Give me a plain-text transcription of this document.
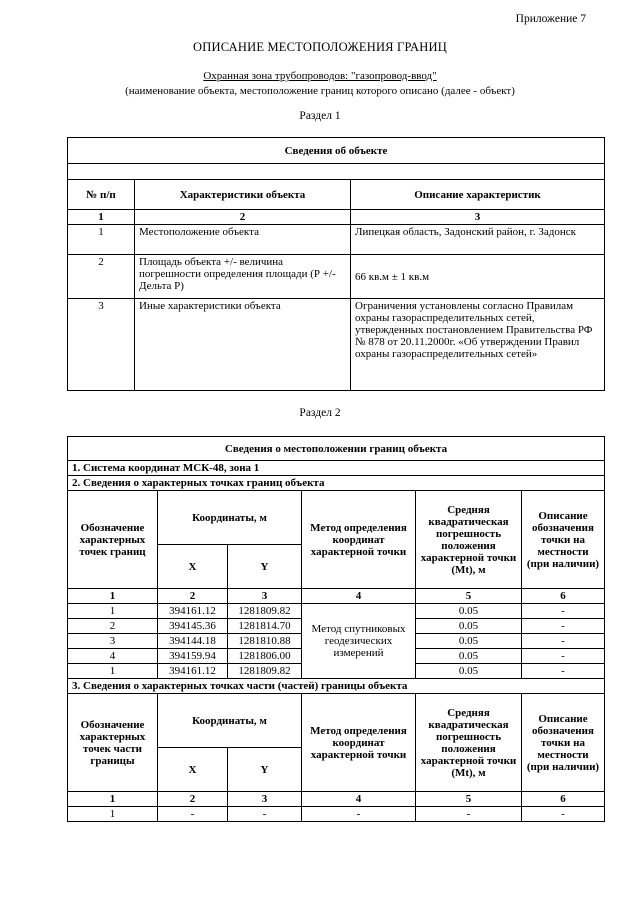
Приложение 7
ОПИСАНИЕ МЕСТОПОЛОЖЕНИЯ ГРАНИЦ
Охранная зона трубопроводов: "газопровод-ввод"
(наименование объекта, местоположение границ которого описано (далее - объект)
Раздел 1
Сведения об объекте		

№ п/п	Характеристики объекта	Описание характеристик
1	2	3
1	Местоположение объекта	Липецкая область, Задонский район, г. Задонск
2	Площадь объекта +/- величина погрешности определения площади (Р +/- Дельта Р)	66 кв.м ± 1 кв.м
3	Иные характеристики объекта	Ограничения установлены согласно Правилам охраны газораспределительных сетей, утвержденных постановлением Правительства РФ № 878 от 20.11.2000г. «Об утверждении Правил охраны газораспределительных сетей»
Раздел 2
Сведения о местоположении границ объекта					
1. Система координат МСК-48, зона 1					
2. Сведения о характерных точках границ объекта					
Обозначение характерных точек границ	Координаты, м		Метод определения координат характерной точки	Средняя квадратическая погрешность положения характерной точки (Mt), м	Описание обозначения точки на местности (при наличии)
	X	Y			
1	2	3	4	5	6
1	394161.12	1281809.82	Метод спутниковых геодезических измерений	0.05	-
2	394145.36	1281814.70		0.05	-
3	394144.18	1281810.88		0.05	-
4	394159.94	1281806.00		0.05	-
1	394161.12	1281809.82		0.05	-
3. Сведения о характерных точках части (частей) границы объекта					
Обозначение характерных точек части границы	Координаты, м		Метод определения координат характерной точки	Средняя квадратическая погрешность положения характерной точки (Mt), м	Описание обозначения точки на местности (при наличии)
	X	Y			
1	2	3	4	5	6
1	-	-	-	-	-
